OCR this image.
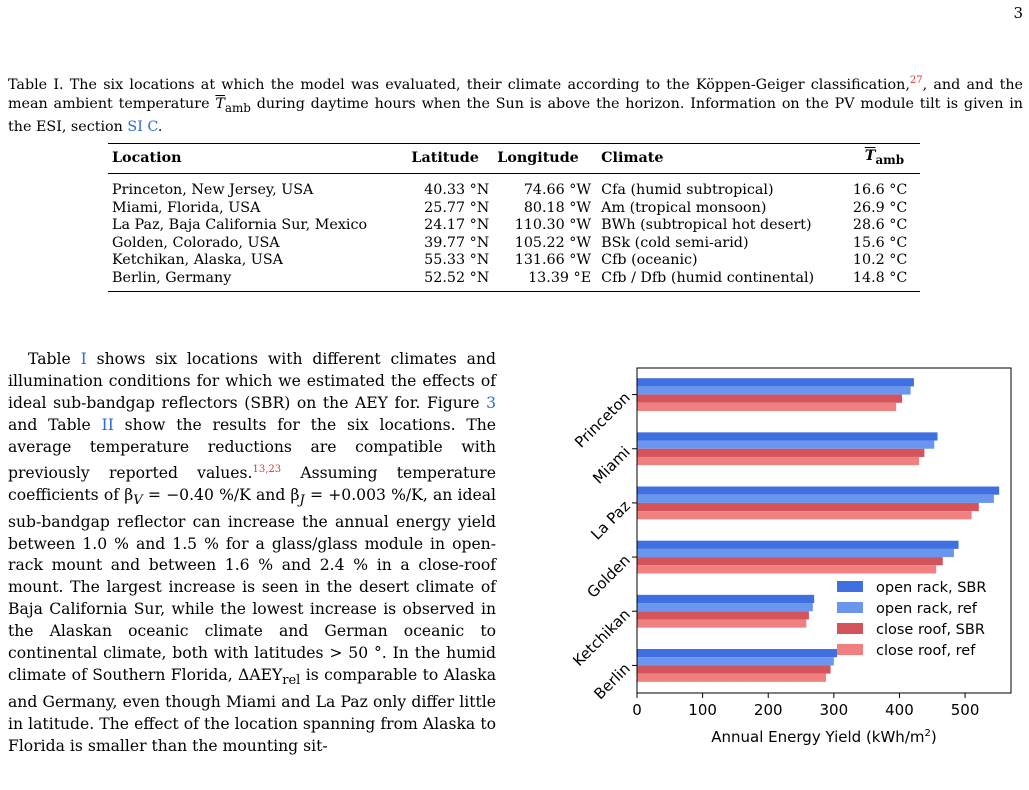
3
Table I. The six locations at which the model was evaluated, their climate according to the Köppen-Geiger classification,$^{27}$, and and the mean ambient temperature $\overline{T}_{amb}$ during daytime hours when the Sun is above the horizon. Information on the PV module tilt is given in the ESI, section SI C.
Location	Latitude	Longitude	Climate	$\overline{T}_{amb}$
Princeton, New Jersey, USA	40.33 °N	74.66 °W	Cfa (humid subtropical)	16.6 °C
Miami, Florida, USA	25.77 °N	80.18 °W	Am (tropical monsoon)	26.9 °C
La Paz, Baja California Sur, Mexico	24.17 °N	110.30 °W	BWh (subtropical hot desert)	28.6 °C
Golden, Colorado, USA	39.77 °N	105.22 °W	BSk (cold semi-arid)	15.6 °C
Ketchikan, Alaska, USA	55.33 °N	131.66 °W	Cfb (oceanic)	10.2 °C
Berlin, Germany	52.52 °N	13.39 °E	Cfb / Dfb (humid continental)	14.8 °C

Table I shows six locations with different climates and illumination conditions for which we estimated the effects of ideal sub-bandgap reflectors (SBR) on the AEY for. Figure 3 and Table II show the results for the six locations. The average temperature reductions are compatible with previously reported values.$^{13,23}$ Assuming temperature coefficients of $\beta_V = -0.40$ %/K and $\beta_J = +0.003$ %/K, an ideal sub-bandgap reflector can increase the annual energy yield between 1.0 % and 1.5 % for a glass/glass module in open-rack mount and between 1.6 % and 2.4 % in a close-roof mount. The largest increase is seen in the desert climate of Baja California Sur, while the lowest increase is observed in the Alaskan oceanic climate and German oceanic to continental climate, both with latitudes > 50 °. In the humid climate of Southern Florida, $\Delta AEY_{rel}$ is comparable to Alaska and Germany, even though Miami and La Paz only differ little in latitude. The effect of the location spanning from Alaska to Florida is smaller than the mounting sit-

Princeton
Miami
La Paz
Golden
Ketchikan
Berlin
0	100 200 300 400 500
Annual Energy Yield $(kWh/m^2)$
open rack, SBR
open rack, ref
close roof, SBR
close roof, ref
